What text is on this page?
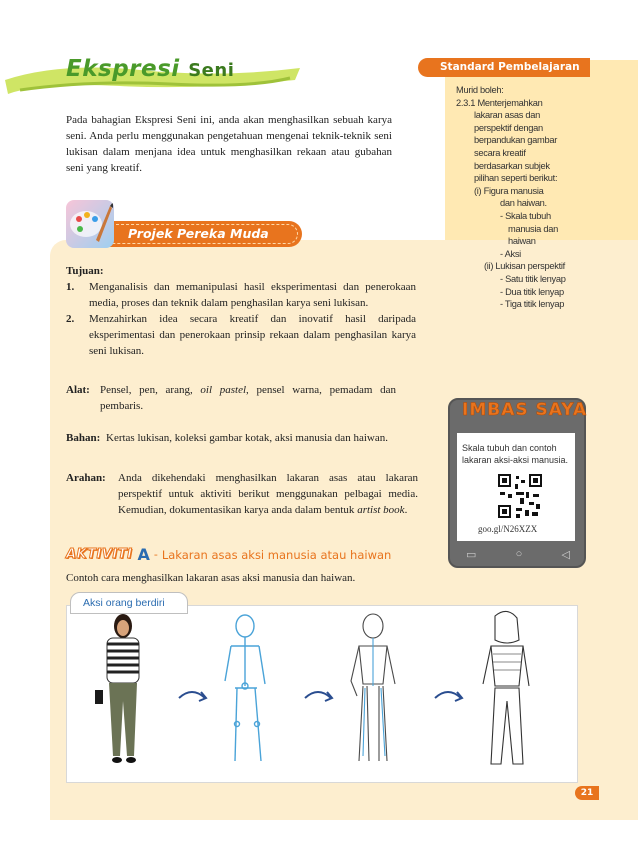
Ekspresi Seni

Pada bahagian Ekspresi Seni ini, anda akan menghasilkan sebuah karya seni. Anda perlu menggunakan pengetahuan mengenai teknik-teknik seni lukisan dalam menjana idea untuk menghasilkan rekaan atau gubahan seni yang kreatif.

Standard Pembelajaran
Murid boleh:
2.3.1 Menterjemahkan
lakaran asas dan
perspektif dengan
berpandukan gambar
secara kreatif
berdasarkan subjek
pilihan seperti berikut:
(i) Figura manusia
dan haiwan.
- Skala tubuh
manusia dan
haiwan
- Aksi
(ii) Lukisan perspektif
- Satu titik lenyap
- Dua titik lenyap
- Tiga titik lenyap
Projek Pereka Muda
Tujuan:
1.	Menganalisis dan memanipulasi hasil eksperimentasi dan penerokaan media, proses dan teknik dalam penghasilan karya seni lukisan.
2.	Menzahirkan idea secara kreatif dan inovatif hasil daripada eksperimentasi dan penerokaan prinsip rekaan dalam penghasilan karya seni lukisan.
Alat: Pensel, pen, arang, oil pastel, pensel warna, pemadam dan pembaris.
Bahan: Kertas lukisan, koleksi gambar kotak, aksi manusia dan haiwan.
Arahan:	Anda dikehendaki menghasilkan lakaran asas atau lakaran perspektif untuk aktiviti berikut menggunakan pelbagai media. Kemudian, dokumentasikan karya anda dalam bentuk artist book.
AKTIVITI A - Lakaran asas aksi manusia atau haiwan
Contoh cara menghasilkan lakaran asas aksi manusia dan haiwan.
Aksi orang berdiri
IMBAS SAYA
Skala tubuh dan contoh lakaran aksi-aksi manusia.
goo.gl/N26XZX
▭	○	◁
21
